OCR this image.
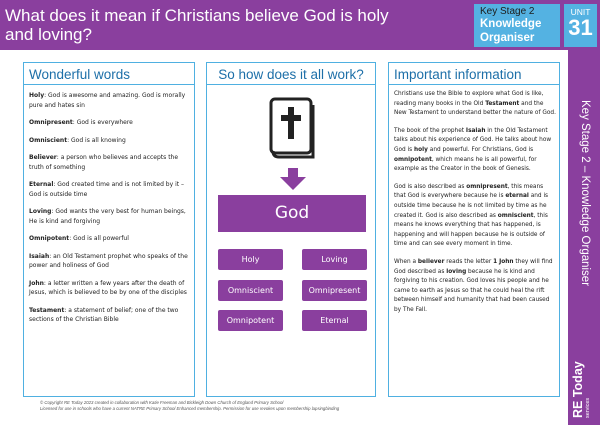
What does it mean if Christians believe God is holy and loving?
Key Stage 2
Knowledge
Organiser
UNIT
31
Key Stage 2 – Knowledge Organiser
RE Today services
Wonderful words
Holy: God is awesome and amazing. God is morally pure and hates sin
Omnipresent: God is everywhere
Omniscient: God is all knowing
Believer: a person who believes and accepts the truth of something
Eternal: God created time and is not limited by it – God is outside time
Loving: God wants the very best for human beings, He is kind and forgiving
Omnipotent: God is all powerful
Isaiah: an Old Testament prophet who speaks of the power and holiness of God
John: a letter written a few years after the death of Jesus, which is believed to be by one of the disciples
Testament: a statement of belief; one of the two sections of the Christian Bible
So how does it all work?
God
Holy	Loving
Omniscient	Omnipresent
Omnipotent	Eternal
Important information

Christians use the Bible to explore what God is like, reading many books in the Old Testament and the New Testament to understand better the nature of God.

The book of the prophet Isaiah in the Old Testament talks about his experience of God. He talks about how God is holy and powerful. For Christians, God is omnipotent, which means he is all powerful, for example as the Creator in the book of Genesis.

God is also described as omnipresent, this means that God is everywhere because he is eternal and is outside time because he is not limited by time as he created it. God is also described as omniscient, this means he knows everything that has happened, is happening and will happen because he is outside of time and can see every moment in time.

When a believer reads the letter 1 John they will find God described as loving because he is kind and forgiving to his creation. God loves his people and he came to earth as Jesus so that he could heal the rift between himself and humanity that had been caused by The Fall.

© Copyright RE Today 2023 created in collaboration with Katie Freeman and Bickleigh Down Church of England Primary School
Licensed for use in schools who have a current NATRE Primary School Enhanced membership. Permission for use revokes upon membership lapsingbinding
